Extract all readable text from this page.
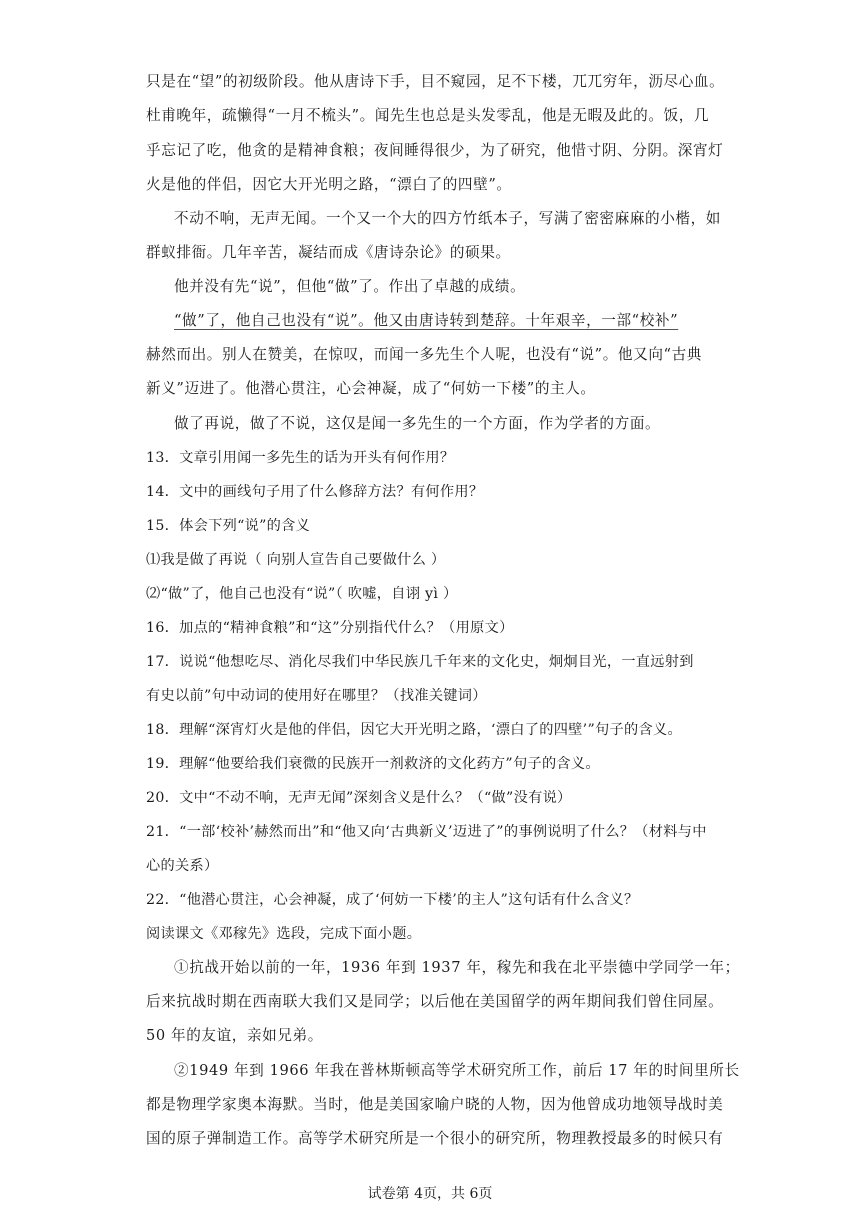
只是在“望”的初级阶段。他从唐诗下手，目不窥园，足不下楼，兀兀穷年，沥尽心血。
杜甫晚年，疏懒得“一月不梳头”。闻先生也总是头发零乱，他是无暇及此的。饭，几
乎忘记了吃，他贪的是精神食粮；夜间睡得很少，为了研究，他惜寸阴、分阴。深宵灯
火是他的伴侣，因它大开光明之路，“漂白了的四壁”。
不动不响，无声无闻。一个又一个大的四方竹纸本子，写满了密密麻麻的小楷，如
群蚁排衙。几年辛苦，凝结而成《唐诗杂论》的硕果。
他并没有先“说”，但他“做”了。作出了卓越的成绩。
“做”了，他自己也没有“说”。他又由唐诗转到楚辞。十年艰辛，一部“校补”
赫然而出。别人在赞美，在惊叹，而闻一多先生个人呢，也没有“说”。他又向“古典
新义”迈进了。他潜心贯注，心会神凝，成了“何妨一下楼”的主人。
做了再说，做了不说，这仅是闻一多先生的一个方面，作为学者的方面。
13．文章引用闻一多先生的话为开头有何作用？
14．文中的画线句子用了什么修辞方法？有何作用？
15．体会下列“说”的含义
⑴我是做了再说（ 向别人宣告自己要做什么 ）
⑵“做”了，他自己也没有“说”（ 吹嘘，自诩 yì ）
16．加点的“精神食粮”和“这”分别指代什么？（用原文）
17．说说“他想吃尽、消化尽我们中华民族几千年来的文化史，炯炯目光，一直远射到
有史以前”句中动词的使用好在哪里？（找准关键词）
18．理解“深宵灯火是他的伴侣，因它大开光明之路，‘漂白了的四壁’”句子的含义。
19．理解“他要给我们衰微的民族开一剂救济的文化药方”句子的含义。
20．文中“不动不响，无声无闻”深刻含义是什么？（“做”没有说）
21．“一部‘校补’赫然而出”和“他又向‘古典新义’迈进了”的事例说明了什么？（材料与中
心的关系）
22．“他潜心贯注，心会神凝，成了‘何妨一下楼’的主人”这句话有什么含义？
阅读课文《邓稼先》选段，完成下面小题。
①抗战开始以前的一年，1936 年到 1937 年，稼先和我在北平崇德中学同学一年；
后来抗战时期在西南联大我们又是同学；以后他在美国留学的两年期间我们曾住同屋。
50 年的友谊，亲如兄弟。
②1949 年到 1966 年我在普林斯顿高等学术研究所工作，前后 17 年的时间里所长
都是物理学家奥本海默。当时，他是美国家喻户晓的人物，因为他曾成功地领导战时美
国的原子弹制造工作。高等学术研究所是一个很小的研究所，物理教授最多的时候只有
试卷第 4页，共 6页
